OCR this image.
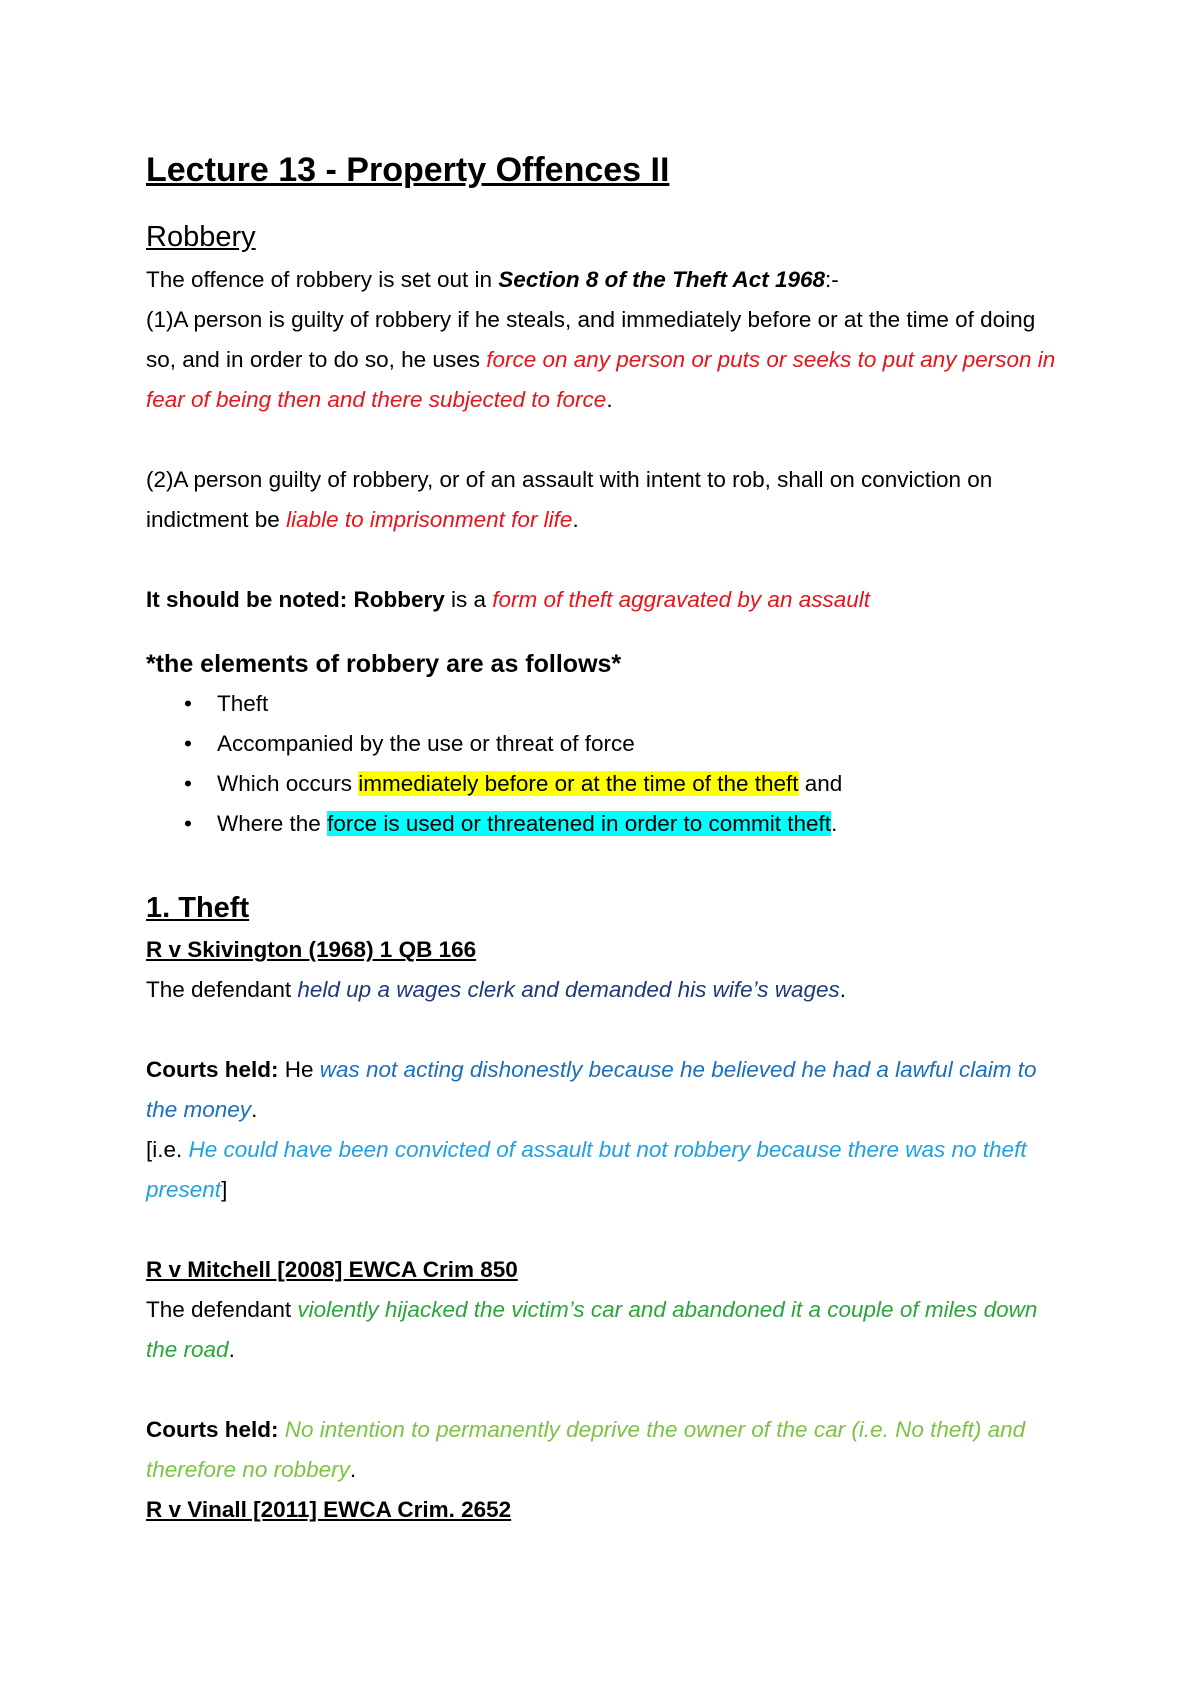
Lecture 13 - Property Offences II
Robbery

The offence of robbery is set out in Section 8 of the Theft Act 1968:-

(1)A person is guilty of robbery if he steals, and immediately before or at the time of doing so, and in order to do so, he uses force on any person or puts or seeks to put any person in fear of being then and there subjected to force.

(2)A person guilty of robbery, or of an assault with intent to rob, shall on conviction on indictment be liable to imprisonment for life.

It should be noted: Robbery is a form of theft aggravated by an assault

*the elements of robbery are as follows*
• Theft
• Accompanied by the use or threat of force
• Which occurs immediately before or at the time of the theft and
• Where the force is used or threatened in order to commit theft.
1. Theft

R v Skivington (1968) 1 QB 166

The defendant held up a wages clerk and demanded his wife’s wages.

Courts held: He was not acting dishonestly because he believed he had a lawful claim to the money.

[i.e. He could have been convicted of assault but not robbery because there was no theft present]

R v Mitchell [2008] EWCA Crim 850

The defendant violently hijacked the victim’s car and abandoned it a couple of miles down the road.

Courts held: No intention to permanently deprive the owner of the car (i.e. No theft) and therefore no robbery.

R v Vinall [2011] EWCA Crim. 2652
